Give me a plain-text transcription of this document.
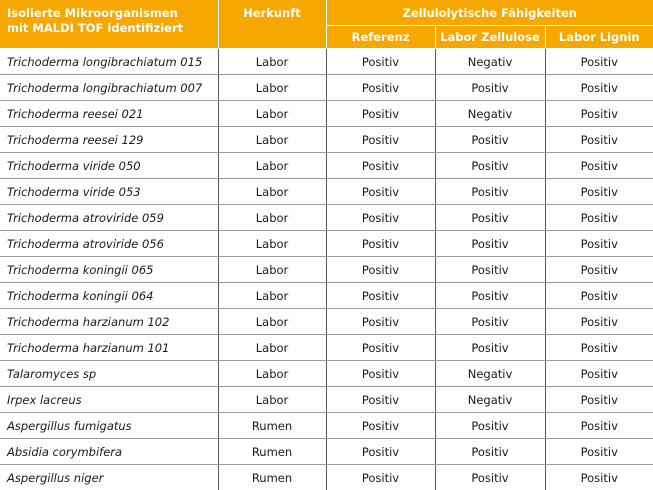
Isolierte Mikroorganismen
mit MALDI TOF identifiziert	Herkunft	Zellulolytische Fähigkeiten		
		Referenz	Labor Zellulose	Labor Lignin
Trichoderma longibrachiatum 015	Labor	Positiv	Negativ	Positiv
Trichoderma longibrachiatum 007	Labor	Positiv	Positiv	Positiv
Trichoderma reesei 021	Labor	Positiv	Negativ	Positiv
Trichoderma reesei 129	Labor	Positiv	Positiv	Positiv
Trichoderma viride 050	Labor	Positiv	Positiv	Positiv
Trichoderma viride 053	Labor	Positiv	Positiv	Positiv
Trichoderma atroviride 059	Labor	Positiv	Positiv	Positiv
Trichoderma atroviride 056	Labor	Positiv	Positiv	Positiv
Trichoderma koningii 065	Labor	Positiv	Positiv	Positiv
Trichoderma koningii 064	Labor	Positiv	Positiv	Positiv
Trichoderma harzianum 102	Labor	Positiv	Positiv	Positiv
Trichoderma harzianum 101	Labor	Positiv	Positiv	Positiv
Talaromyces sp	Labor	Positiv	Negativ	Positiv
Irpex lacreus	Labor	Positiv	Negativ	Positiv
Aspergillus fumigatus	Rumen	Positiv	Positiv	Positiv
Absidia corymbifera	Rumen	Positiv	Positiv	Positiv
Aspergillus niger	Rumen	Positiv	Positiv	Positiv
